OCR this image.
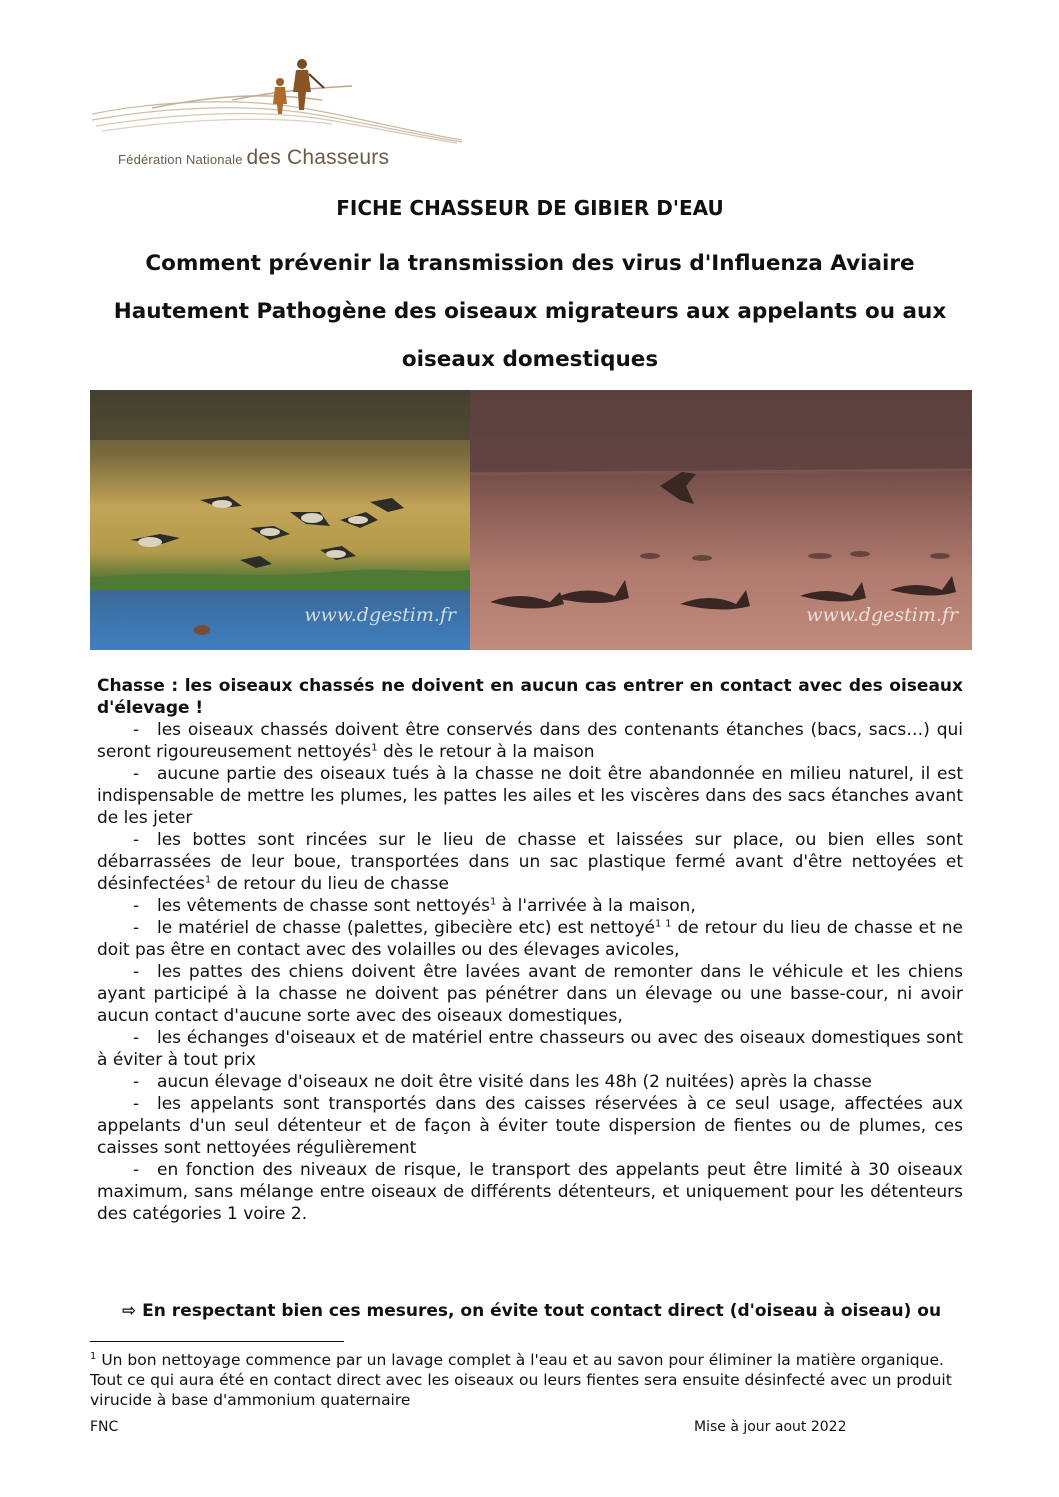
Fédération Nationale des Chasseurs
FICHE CHASSEUR DE GIBIER D'EAU
Comment prévenir la transmission des virus d'Influenza Aviaire Hautement Pathogène des oiseaux migrateurs aux appelants ou aux oiseaux domestiques
www.dgestim.fr	www.dgestim.fr

Chasse : les oiseaux chassés ne doivent en aucun cas entrer en contact avec des oiseaux d'élevage !

- les oiseaux chassés doivent être conservés dans des contenants étanches (bacs, sacs…) qui seront rigoureusement nettoyés$^1$ dès le retour à la maison

- aucune partie des oiseaux tués à la chasse ne doit être abandonnée en milieu naturel, il est indispensable de mettre les plumes, les pattes les ailes et les viscères dans des sacs étanches avant de les jeter

- les bottes sont rincées sur le lieu de chasse et laissées sur place, ou bien elles sont débarrassées de leur boue, transportées dans un sac plastique fermé avant d'être nettoyées et désinfectées$^1$ de retour du lieu de chasse

- les vêtements de chasse sont nettoyés$^1$ à l'arrivée à la maison,

- le matériel de chasse (palettes, gibecière etc) est nettoyé$^{1 1}$ de retour du lieu de chasse et ne doit pas être en contact avec des volailles ou des élevages avicoles,

- les pattes des chiens doivent être lavées avant de remonter dans le véhicule et les chiens ayant participé à la chasse ne doivent pas pénétrer dans un élevage ou une basse-cour, ni avoir aucun contact d'aucune sorte avec des oiseaux domestiques,

- les échanges d'oiseaux et de matériel entre chasseurs ou avec des oiseaux domestiques sont à éviter à tout prix

- aucun élevage d'oiseaux ne doit être visité dans les 48h (2 nuitées) après la chasse

- les appelants sont transportés dans des caisses réservées à ce seul usage, affectées aux appelants d'un seul détenteur et de façon à éviter toute dispersion de fientes ou de plumes, ces caisses sont nettoyées régulièrement

- en fonction des niveaux de risque, le transport des appelants peut être limité à 30 oiseaux maximum, sans mélange entre oiseaux de différents détenteurs, et uniquement pour les détenteurs des catégories 1 voire 2.

⇨ En respectant bien ces mesures, on évite tout contact direct (d'oiseau à oiseau) ou
$^1$ Un bon nettoyage commence par un lavage complet à l'eau et au savon pour éliminer la matière organique. Tout ce qui aura été en contact direct avec les oiseaux ou leurs fientes sera ensuite désinfecté avec un produit virucide à base d'ammonium quaternaire
FNC	Mise à jour aout 2022
